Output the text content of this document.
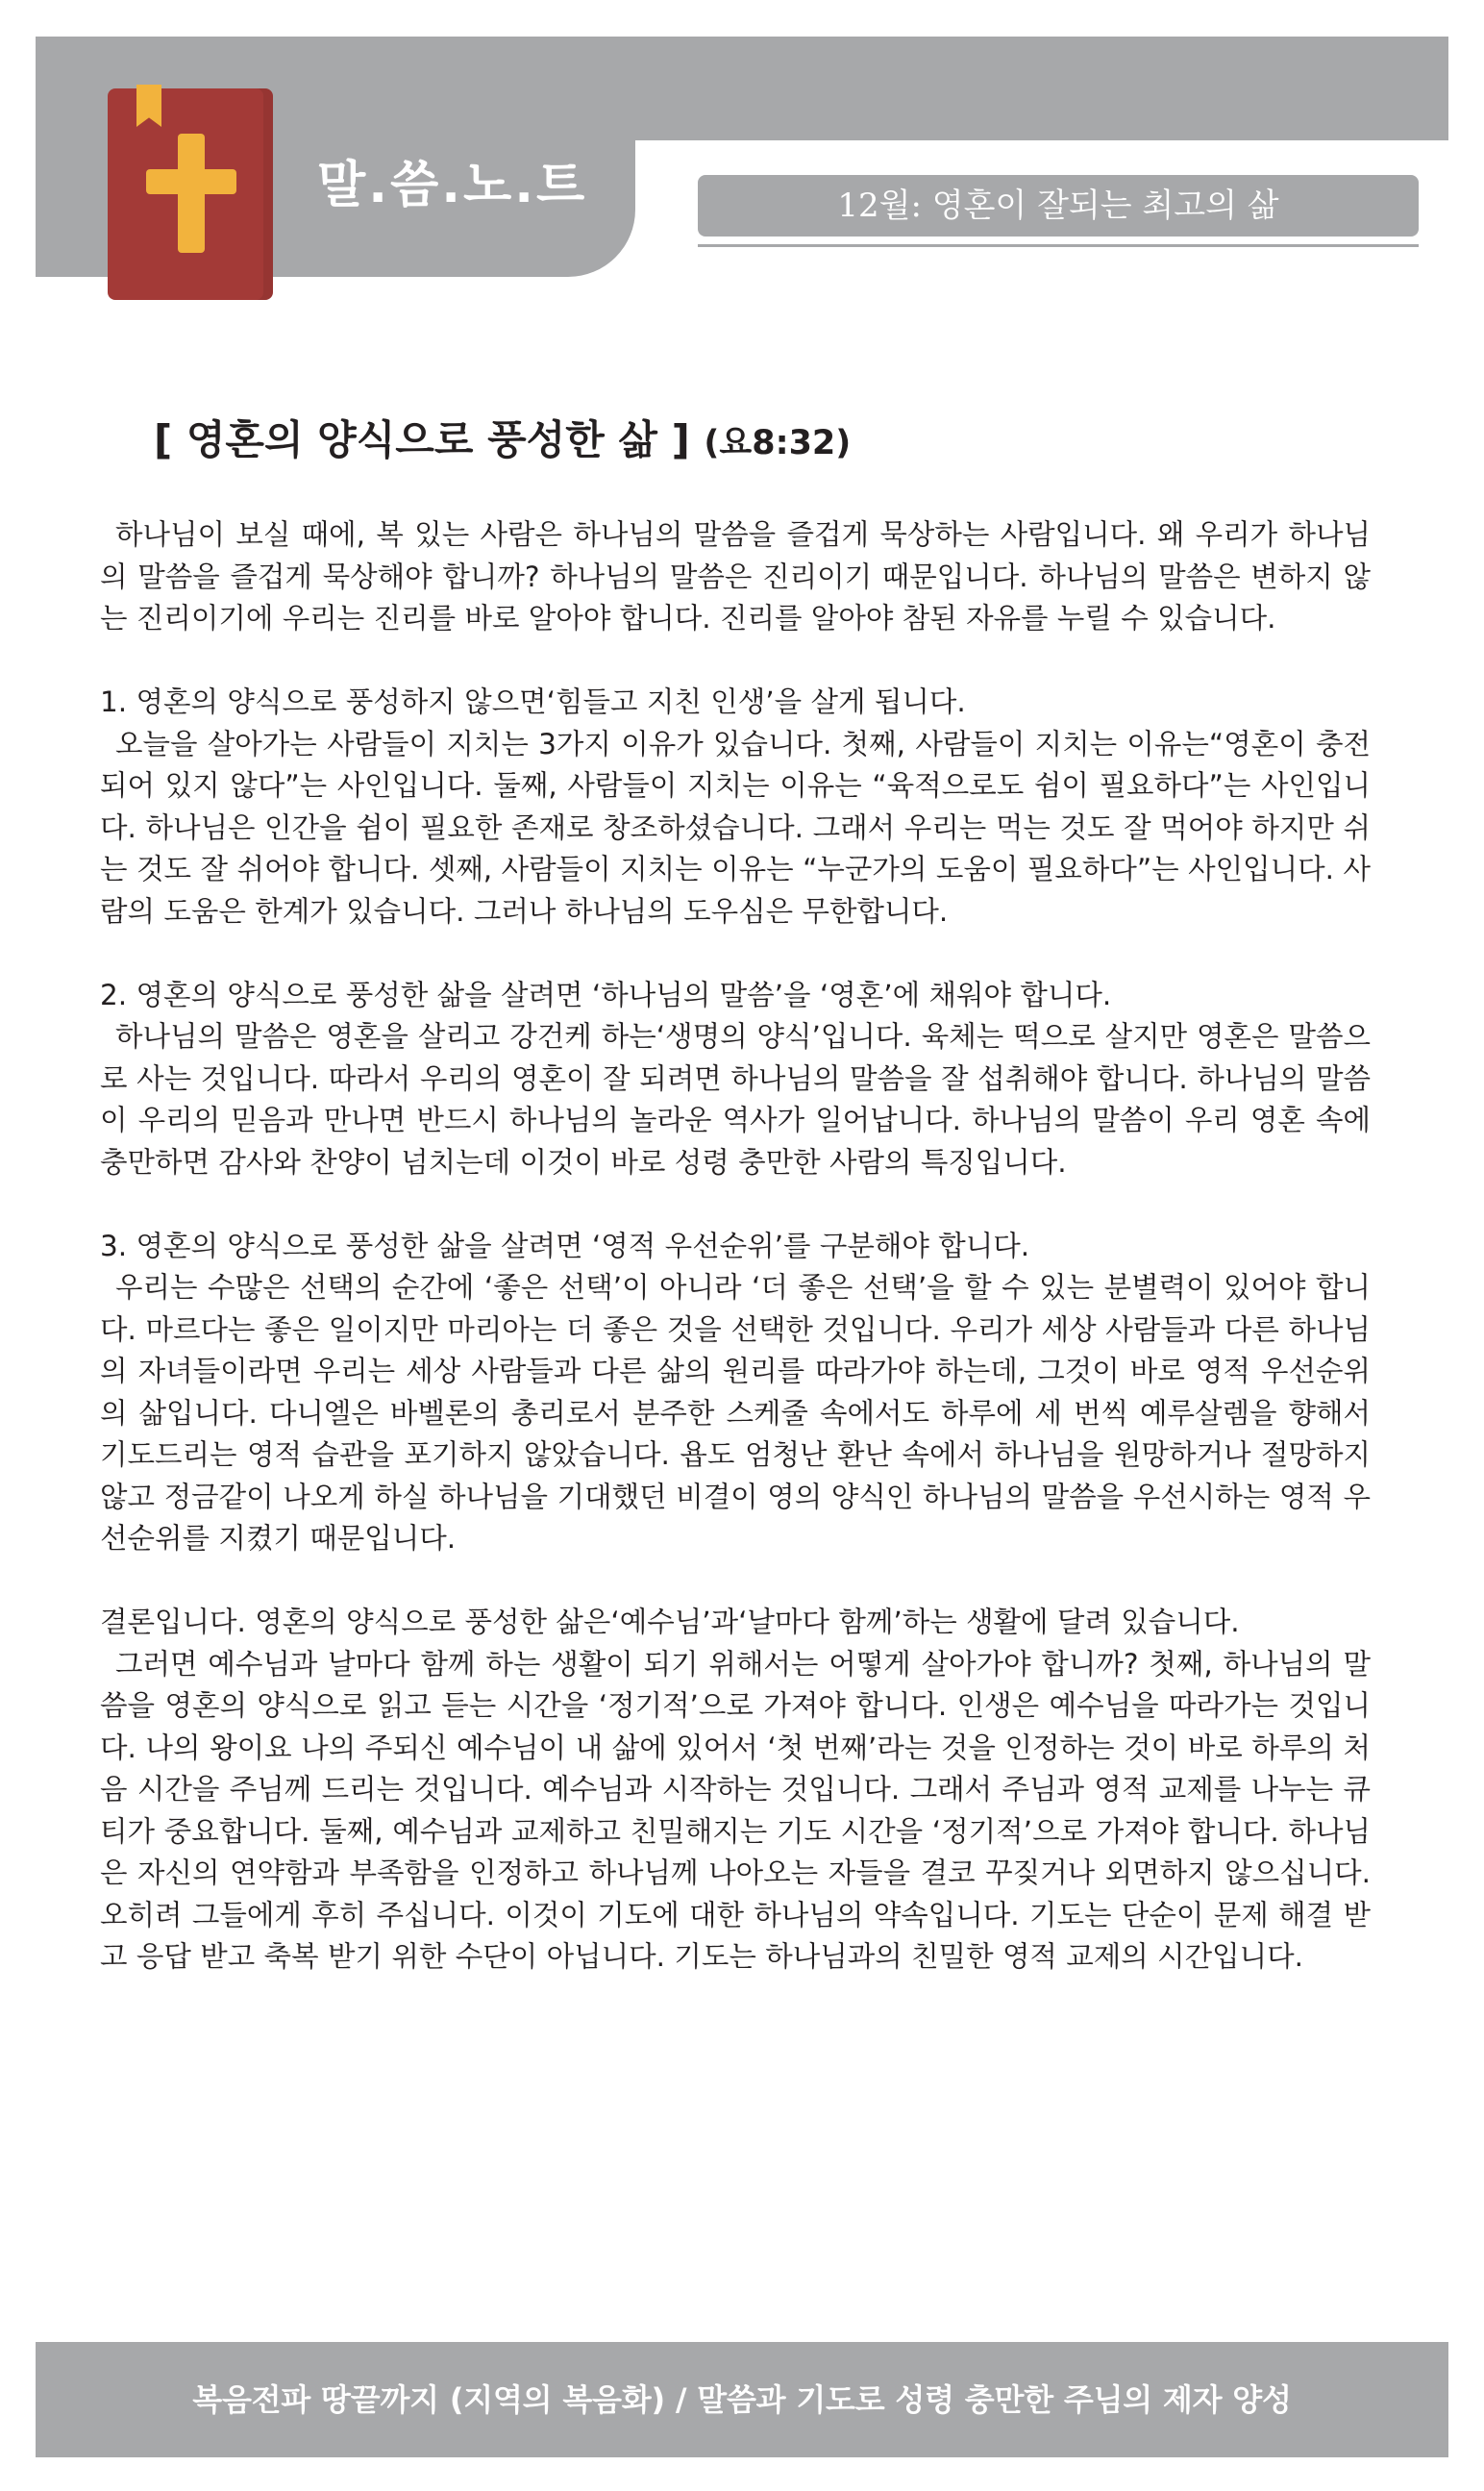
말.씀.노.트	12월: 영혼이 잘되는 최고의 삶
[ 영혼의 양식으로 풍성한 삶 ] (요8:32)

하나님이 보실 때에, 복 있는 사람은 하나님의 말씀을 즐겁게 묵상하는 사람입니다. 왜 우리가 하나님의 말씀을 즐겁게 묵상해야 합니까? 하나님의 말씀은 진리이기 때문입니다. 하나님의 말씀은 변하지 않는 진리이기에 우리는 진리를 바로 알아야 합니다. 진리를 알아야 참된 자유를 누릴 수 있습니다.

1. 영혼의 양식으로 풍성하지 않으면‘힘들고 지친 인생’을 살게 됩니다.

오늘을 살아가는 사람들이 지치는 3가지 이유가 있습니다. 첫째, 사람들이 지치는 이유는“영혼이 충전되어 있지 않다”는 사인입니다. 둘째, 사람들이 지치는 이유는 “육적으로도 쉼이 필요하다”는 사인입니다. 하나님은 인간을 쉼이 필요한 존재로 창조하셨습니다. 그래서 우리는 먹는 것도 잘 먹어야 하지만 쉬는 것도 잘 쉬어야 합니다. 셋째, 사람들이 지치는 이유는 “누군가의 도움이 필요하다”는 사인입니다. 사람의 도움은 한계가 있습니다. 그러나 하나님의 도우심은 무한합니다.

2. 영혼의 양식으로 풍성한 삶을 살려면 ‘하나님의 말씀’을 ‘영혼’에 채워야 합니다.

하나님의 말씀은 영혼을 살리고 강건케 하는‘생명의 양식’입니다. 육체는 떡으로 살지만 영혼은 말씀으로 사는 것입니다. 따라서 우리의 영혼이 잘 되려면 하나님의 말씀을 잘 섭취해야 합니다. 하나님의 말씀이 우리의 믿음과 만나면 반드시 하나님의 놀라운 역사가 일어납니다. 하나님의 말씀이 우리 영혼 속에 충만하면 감사와 찬양이 넘치는데 이것이 바로 성령 충만한 사람의 특징입니다.

3. 영혼의 양식으로 풍성한 삶을 살려면 ‘영적 우선순위’를 구분해야 합니다.

우리는 수많은 선택의 순간에 ‘좋은 선택’이 아니라 ‘더 좋은 선택’을 할 수 있는 분별력이 있어야 합니다. 마르다는 좋은 일이지만 마리아는 더 좋은 것을 선택한 것입니다. 우리가 세상 사람들과 다른 하나님의 자녀들이라면 우리는 세상 사람들과 다른 삶의 원리를 따라가야 하는데, 그것이 바로 영적 우선순위의 삶입니다. 다니엘은 바벨론의 총리로서 분주한 스케줄 속에서도 하루에 세 번씩 예루살렘을 향해서 기도드리는 영적 습관을 포기하지 않았습니다. 욥도 엄청난 환난 속에서 하나님을 원망하거나 절망하지 않고 정금같이 나오게 하실 하나님을 기대했던 비결이 영의 양식인 하나님의 말씀을 우선시하는 영적 우선순위를 지켰기 때문입니다.

결론입니다. 영혼의 양식으로 풍성한 삶은‘예수님’과‘날마다 함께’하는 생활에 달려 있습니다.

그러면 예수님과 날마다 함께 하는 생활이 되기 위해서는 어떻게 살아가야 합니까? 첫째, 하나님의 말씀을 영혼의 양식으로 읽고 듣는 시간을 ‘정기적’으로 가져야 합니다. 인생은 예수님을 따라가는 것입니다. 나의 왕이요 나의 주되신 예수님이 내 삶에 있어서 ‘첫 번째’라는 것을 인정하는 것이 바로 하루의 처음 시간을 주님께 드리는 것입니다. 예수님과 시작하는 것입니다. 그래서 주님과 영적 교제를 나누는 큐티가 중요합니다. 둘째, 예수님과 교제하고 친밀해지는 기도 시간을 ‘정기적’으로 가져야 합니다. 하나님은 자신의 연약함과 부족함을 인정하고 하나님께 나아오는 자들을 결코 꾸짖거나 외면하지 않으십니다. 오히려 그들에게 후히 주십니다. 이것이 기도에 대한 하나님의 약속입니다. 기도는 단순이 문제 해결 받고 응답 받고 축복 받기 위한 수단이 아닙니다. 기도는 하나님과의 친밀한 영적 교제의 시간입니다.

복음전파 땅끝까지 (지역의 복음화) / 말씀과 기도로 성령 충만한 주님의 제자 양성
